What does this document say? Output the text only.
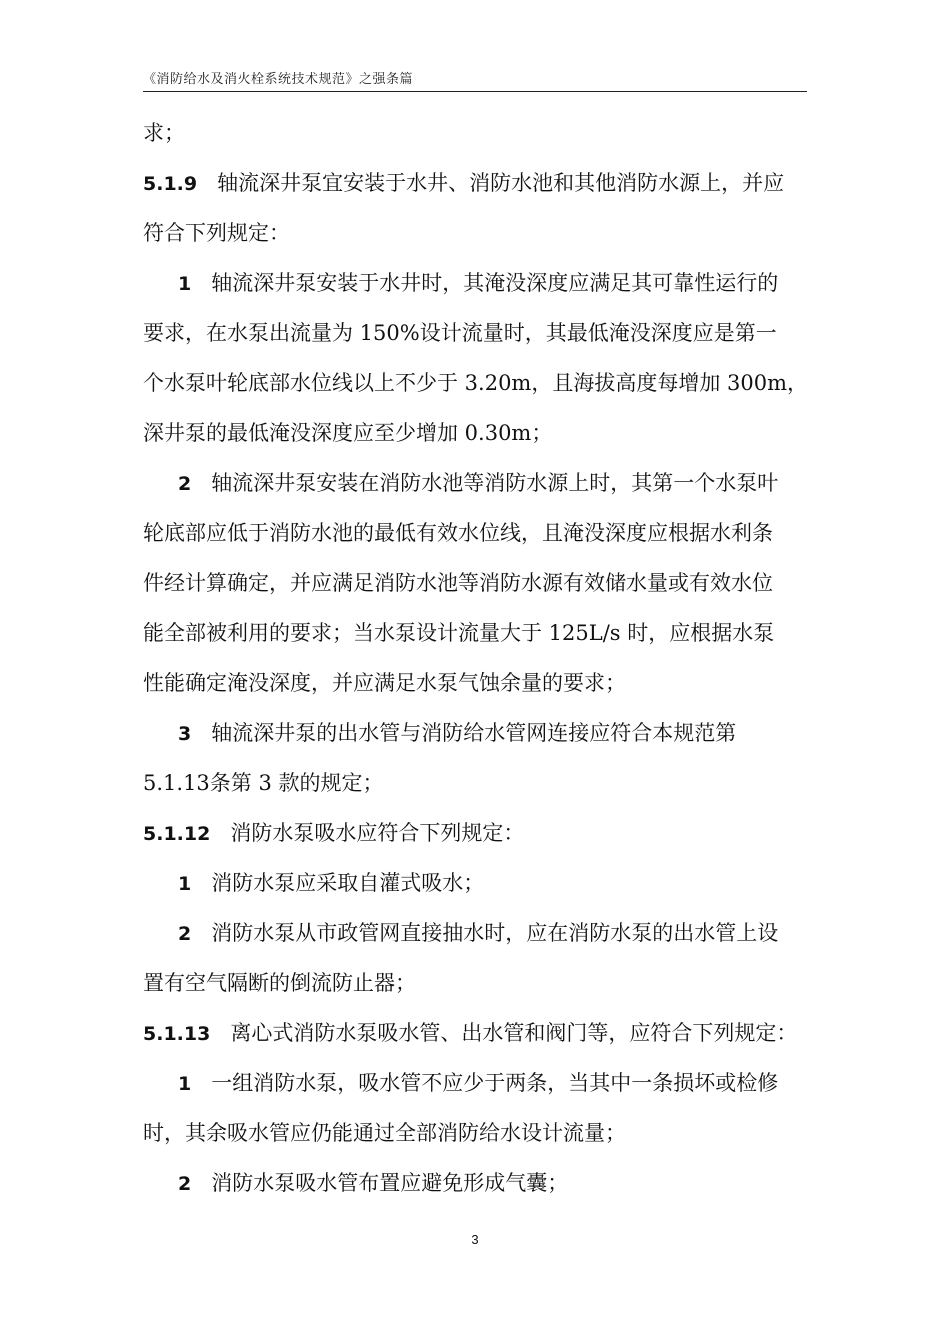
《消防给水及消火栓系统技术规范》之强条篇
求；
5.1.9 轴流深井泵宜安装于水井、消防水池和其他消防水源上，并应
符合下列规定：
1 轴流深井泵安装于水井时，其淹没深度应满足其可靠性运行的
要求，在水泵出流量为 150%设计流量时，其最低淹没深度应是第一
个水泵叶轮底部水位线以上不少于 3.20m，且海拔高度每增加 300m，
深井泵的最低淹没深度应至少增加 0.30m；
2 轴流深井泵安装在消防水池等消防水源上时，其第一个水泵叶
轮底部应低于消防水池的最低有效水位线，且淹没深度应根据水利条
件经计算确定，并应满足消防水池等消防水源有效储水量或有效水位
能全部被利用的要求；当水泵设计流量大于 125L/s 时，应根据水泵
性能确定淹没深度，并应满足水泵气蚀余量的要求；
3 轴流深井泵的出水管与消防给水管网连接应符合本规范第
5.1.13条第 3 款的规定；
5.1.12 消防水泵吸水应符合下列规定：
1 消防水泵应采取自灌式吸水；
2 消防水泵从市政管网直接抽水时，应在消防水泵的出水管上设
置有空气隔断的倒流防止器；
5.1.13 离心式消防水泵吸水管、出水管和阀门等，应符合下列规定：
1 一组消防水泵，吸水管不应少于两条，当其中一条损坏或检修
时，其余吸水管应仍能通过全部消防给水设计流量；
2 消防水泵吸水管布置应避免形成气囊；
3
